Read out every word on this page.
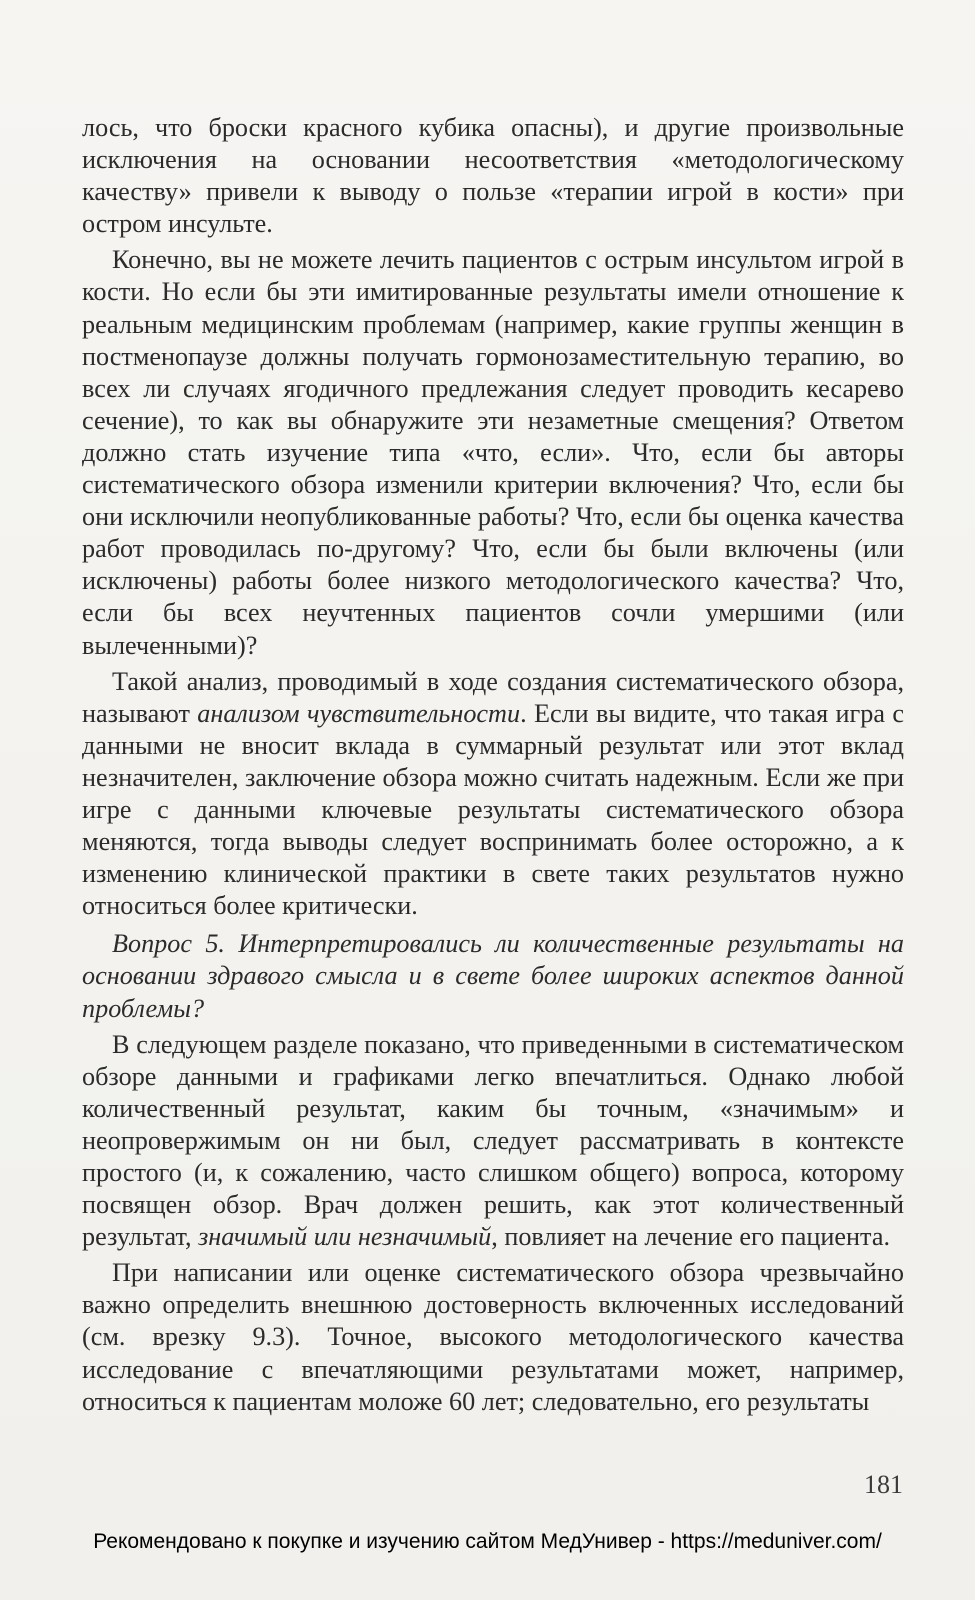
лось, что броски красного кубика опасны), и другие произвольные исключения на основании несоответствия «методологическому качеству» привели к выводу о пользе «терапии игрой в кости» при остром инсульте.

Конечно, вы не можете лечить пациентов с острым инсультом игрой в кости. Но если бы эти имитированные результаты имели отношение к реальным медицинским проблемам (например, какие группы женщин в постменопаузе должны получать гормонозаместительную терапию, во всех ли случаях ягодичного предлежания следует проводить кесарево сечение), то как вы обнаружите эти незаметные смещения? Ответом должно стать изучение типа «что, если». Что, если бы авторы систематического обзора изменили критерии включения? Что, если бы они исключили неопубликованные работы? Что, если бы оценка качества работ проводилась по-другому? Что, если бы были включены (или исключены) работы более низкого методологического качества? Что, если бы всех неучтенных пациентов сочли умершими (или вылеченными)?

Такой анализ, проводимый в ходе создания систематического обзора, называют анализом чувствительности. Если вы видите, что такая игра с данными не вносит вклада в суммарный результат или этот вклад незначителен, заключение обзора можно считать надежным. Если же при игре с данными ключевые результаты систематического обзора меняются, тогда выводы следует воспринимать более осторожно, а к изменению клинической практики в свете таких результатов нужно относиться более критически.

Вопрос 5. Интерпретировались ли количественные результаты на основании здравого смысла и в свете более широких аспектов данной проблемы?

В следующем разделе показано, что приведенными в систематическом обзоре данными и графиками легко впечатлиться. Однако любой количественный результат, каким бы точным, «значимым» и неопровержимым он ни был, следует рассматривать в контексте простого (и, к сожалению, часто слишком общего) вопроса, которому посвящен обзор. Врач должен решить, как этот количественный результат, значимый или незначимый, повлияет на лечение его пациента.

При написании или оценке систематического обзора чрезвычайно важно определить внешнюю достоверность включенных исследований (см. врезку 9.3). Точное, высокого методологического качества исследование с впечатляющими результатами может, например, относиться к пациентам моложе 60 лет; следовательно, его результаты

181
Рекомендовано к покупке и изучению сайтом МедУнивер - https://meduniver.com/
